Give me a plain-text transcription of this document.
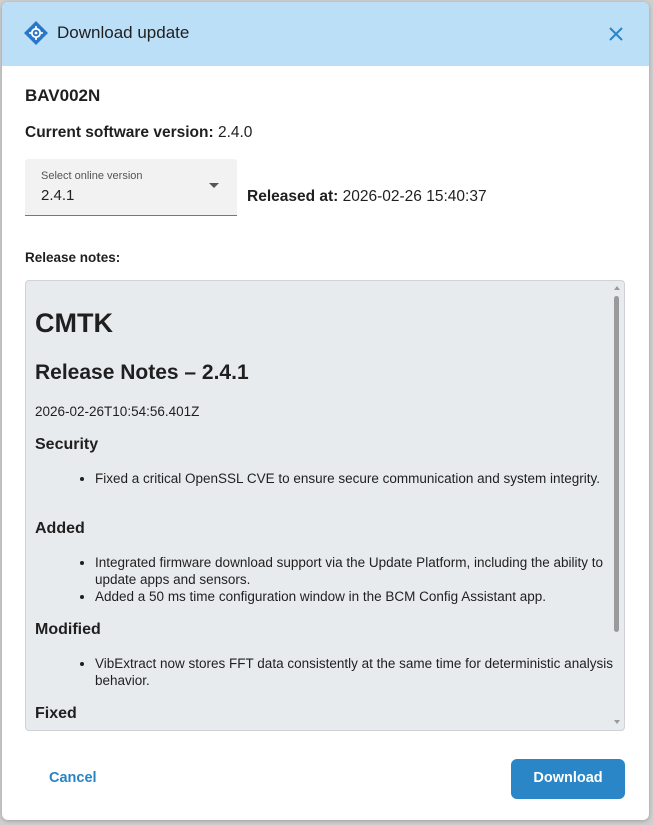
Download update
BAV002N
Current software version: 2.4.0
Select online version
2.4.1	Released at: 2026-02-26 15:40:37
Release notes:
CMTK
Release Notes – 2.4.1
2026-02-26T10:54:56.401Z
Security
• Fixed a critical OpenSSL CVE to ensure secure communication and system integrity.
Added
• Integrated firmware download support via the Update Platform, including the ability to update apps and sensors.
• Added a 50 ms time configuration window in the BCM Config Assistant app.
Modified
• VibExtract now stores FFT data consistently at the same time for deterministic analysis behavior.
Fixed
Cancel	Download
